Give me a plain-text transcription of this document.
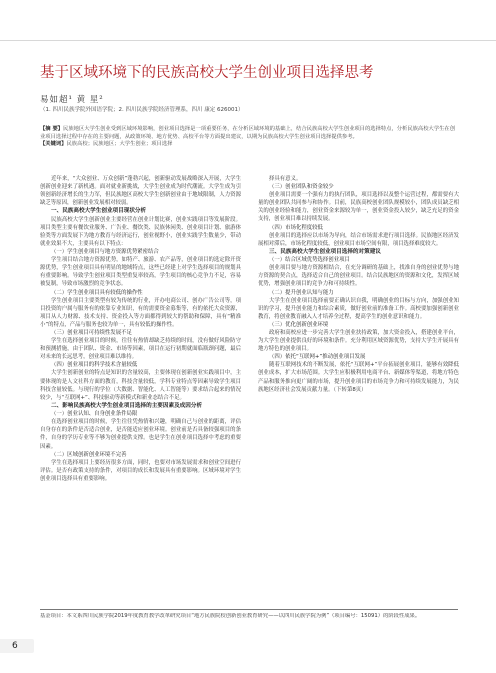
基于区域环境下的民族高校大学生创业项目选择思考
易如超¹ 黄 星²
（1. 四川民族学院外国语学院；2. 四川民族学院经济管理系，四川 康定 626001）

【摘 要】民族地区大学生创业受到区域环境影响，创业项目选择是一项重要任务，在分析区域环境的基础上，结合民族高校大学生创业项目的选择特点，分析民族高校大学生在创业项目选择过程中存在的主要问题，从政策环境、地方优势、高校平台等方面提出建议，以期为民族高校大学生创业项目选择提供参考。

【关键词】民族高校；民族地区；大学生创业；项目选择

近年来，“大众创业、万众创新”蓬勃兴起，创新驱动发展战略深入开展，大学生创新创业迎来了新机遇。面对就业新挑战，大学生创业成为时代潮流。大学生成为引领创新经济增长的生力军，但民族地区高校大学生创新创业由于地域限制，人力资源缺乏等原因，创新创业发展相对较弱。

一、民族高校大学生创业项目现状分析

民族高校大学生创新创业主要经营在创业计划比赛，创业实践项目等发展阶段。项目类型主要有餐饮业服务、广告业、餐饮类、民族休闲类、创业项目计划、旅游体验类等方面发展下为地方教育与经济运行，创业视野小，创业实践学生数量少，带动就业效果不大，主要具有以下特点：

（一）学生创业项目与地方资源优势紧密结合

学生项目结合地方资源优势，如特产、旅游、农产品等，创业项目的选定除开资源优势，学生创业项目具有明显的地域特点，这些已经建上对学生选择项目的规划具有重要影响。导致学生创业项目类型重复率较高，学生项目的核心竞争力不足，容易被复制，导致市场激烈的竞争状态。

（二）学生创业项目具有较低的操作性

学生创业项目主要类型有较为传统的行业，开办电商公司、创办广告公司等，项目投资的户属与服务有的依靠专业知识，有的需要资金募集等，有的依托大众资源，项目从人力财源、技术支持、资金投入等方面都得到较大的帮助和保障，具有“精准小”的特点，产品与服务也较为单一，具有较低的操作性。

（三）创业项目可持续性发展不足

学生在选择创业项目的时候，往往有热情却缺乏持续的时间，没有做好风险防守和预测措施，由于团队、资金、市场等因素，项目在运行初期就面临瓶颈问题，最后对未来的长远思考，创业项目难以维持。

（四）创业项目的科学技术含量较低

大学生创新创业的特点是知识的含量较高，主要体现在创新创业实践项目中，主要体现的是人文社科方面的教育，科技含量较低，学科专业特点等因素导致学生项目科技含量较低。与现行的学位（大数据、智能化、人工智能等）要求结合起来的情况较少，与“互联网+”、科技驱动等新模式和新业态结合不足。

二、影响民族高校大学生创业项目选择的主要因素及成因分析
（一）创业认知、自身创业条件局限

在选择创业项目的时候，学生往往凭热情和兴趣，明确自己与创业的距离，评估自身存在的条件是否适合创业，是否能适应创业环境。创业前是否具备较强项目的条件，自身的学历专业等不够为创业提供支撑。也是学生在创业项目选择中考虑的重要因素。

（二）区域创新创业环境不完善

学生在选择项目上要经历很多方面，同时，也要对市场发展需求和创业空间进行评估。是否有政策支持的条件，对项目的成长和发展具有重要影响。区域环境对学生创业项目选择具有重要影响。

择具有意义。

（三）创业团队和资金较少

创业项目需要一个强有力的执行团队，项目选择以及整个运营过程，都需要有大量的创业团队共同参与和协作。目前，民族高校创业团队规模较小，团队成员缺乏相关的创业经验和能力，创业资金来源较为单一，创业资金投入较少，缺乏充足的资金支持，创业项目难以持续发展。

（四）市场化程度较低

创业项目的选择应以市场为导向，结合市场需求进行项目选择。民族地区经济发展相对滞后，市场化程度较低，创业项目市场空间有限，项目选择难度较大。

三、民族高校大学生创业项目选择的对策建议
（一）结合区域优势选择创业项目

创业项目要与地方资源相结合，在充分调研的基础上，找准自身的创业优势与地方资源的契合点，选择适合自己的创业项目。结合民族地区的资源和文化，发挥区域优势，增强创业项目的竞争力和可持续性。

（二）提升创业认知与能力

大学生在创业项目选择前要正确认识自我，明确创业的目标与方向，加强创业知识的学习，提升创业能力和综合素质，做好创业前的准备工作。高校要加强创新创业教育，将创业教育融入人才培养全过程，提高学生的创业意识和能力。

（三）优化创新创业环境

政府和高校应进一步完善大学生创业扶持政策，加大资金投入，搭建创业平台，为大学生创业提供良好的环境和条件。充分利用区域资源优势，支持大学生开展具有地方特色的创业项目。

（四）依托“互联网+”推动创业项目发展

随着互联网技术的不断发展，依托“互联网+”平台拓展创业项目，能够有效降低创业成本，扩大市场范围。大学生应积极利用电商平台、新媒体等渠道，将地方特色产品和服务推向更广阔的市场，提升创业项目的市场竞争力和可持续发展能力，为民族地区经济社会发展贡献力量。（下转第8页）

基金项目：本文系四川民族学院2019年度教育教学改革研究项目“地方民族院校创新创业教育研究——以四川民族学院为例”（项目编号：15091）的阶段性成果。
6
